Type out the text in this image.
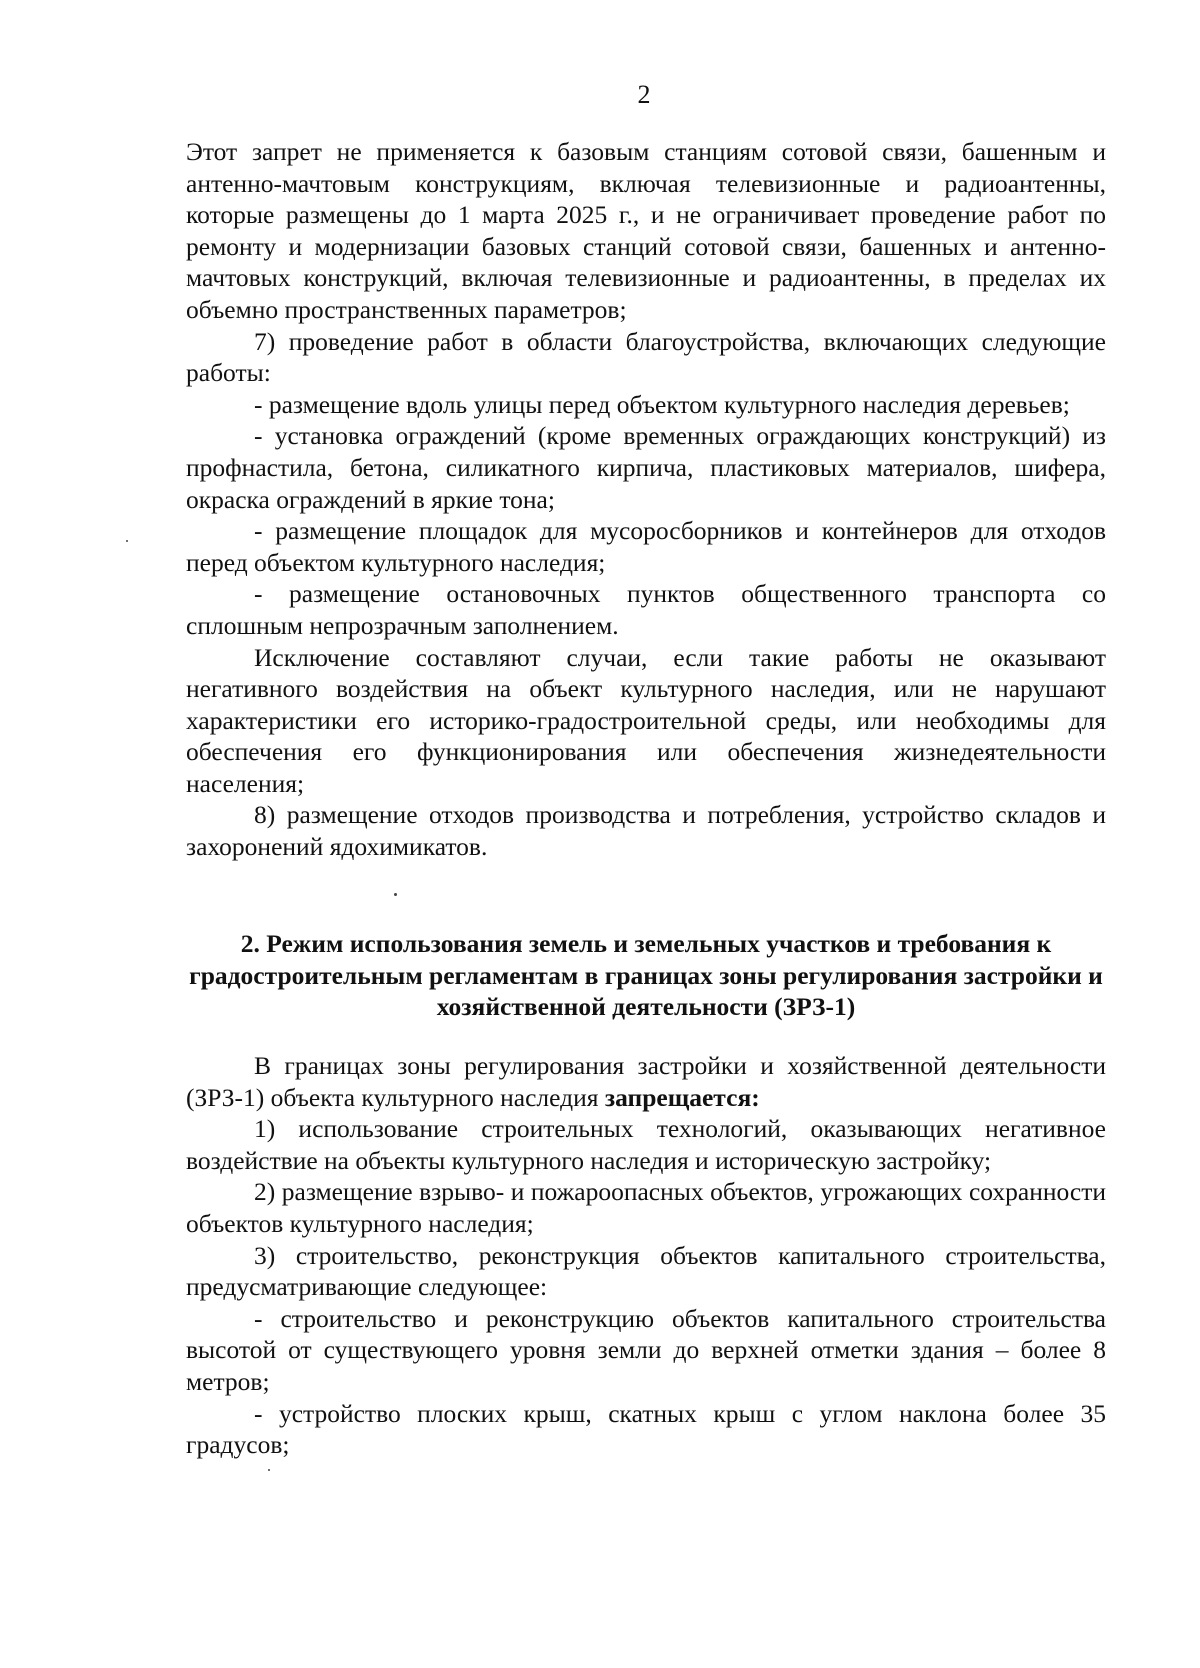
2

Этот запрет не применяется к базовым станциям сотовой связи, башенным и антенно-мачтовым конструкциям, включая телевизионные и радиоантенны, которые размещены до 1 марта 2025 г., и не ограничивает проведение работ по ремонту и модернизации базовых станций сотовой связи, башенных и антенно-мачтовых конструкций, включая телевизионные и радиоантенны, в пределах их объемно пространственных параметров;

7) проведение работ в области благоустройства, включающих следующие работы:

- размещение вдоль улицы перед объектом культурного наследия деревьев;

- установка ограждений (кроме временных ограждающих конструкций) из профнастила, бетона, силикатного кирпича, пластиковых материалов, шифера, окраска ограждений в яркие тона;

- размещение площадок для мусоросборников и контейнеров для отходов перед объектом культурного наследия;

- размещение остановочных пунктов общественного транспорта со сплошным непрозрачным заполнением.

Исключение составляют случаи, если такие работы не оказывают негативного воздействия на объект культурного наследия, или не нарушают характеристики его историко-градостроительной среды, или необходимы для обеспечения его функционирования или обеспечения жизнедеятельности населения;

8) размещение отходов производства и потребления, устройство складов и захоронений ядохимикатов.

2. Режим использования земель и земельных участков и требования к градостроительным регламентам в границах зоны регулирования застройки и хозяйственной деятельности (ЗРЗ-1)

В границах зоны регулирования застройки и хозяйственной деятельности (ЗРЗ-1) объекта культурного наследия запрещается:

1) использование строительных технологий, оказывающих негативное воздействие на объекты культурного наследия и историческую застройку;

2) размещение взрыво- и пожароопасных объектов, угрожающих сохранности объектов культурного наследия;

3) строительство, реконструкция объектов капитального строительства, предусматривающие следующее:

- строительство и реконструкцию объектов капитального строительства высотой от существующего уровня земли до верхней отметки здания – более 8 метров;

- устройство плоских крыш, скатных крыш с углом наклона более 35 градусов;
